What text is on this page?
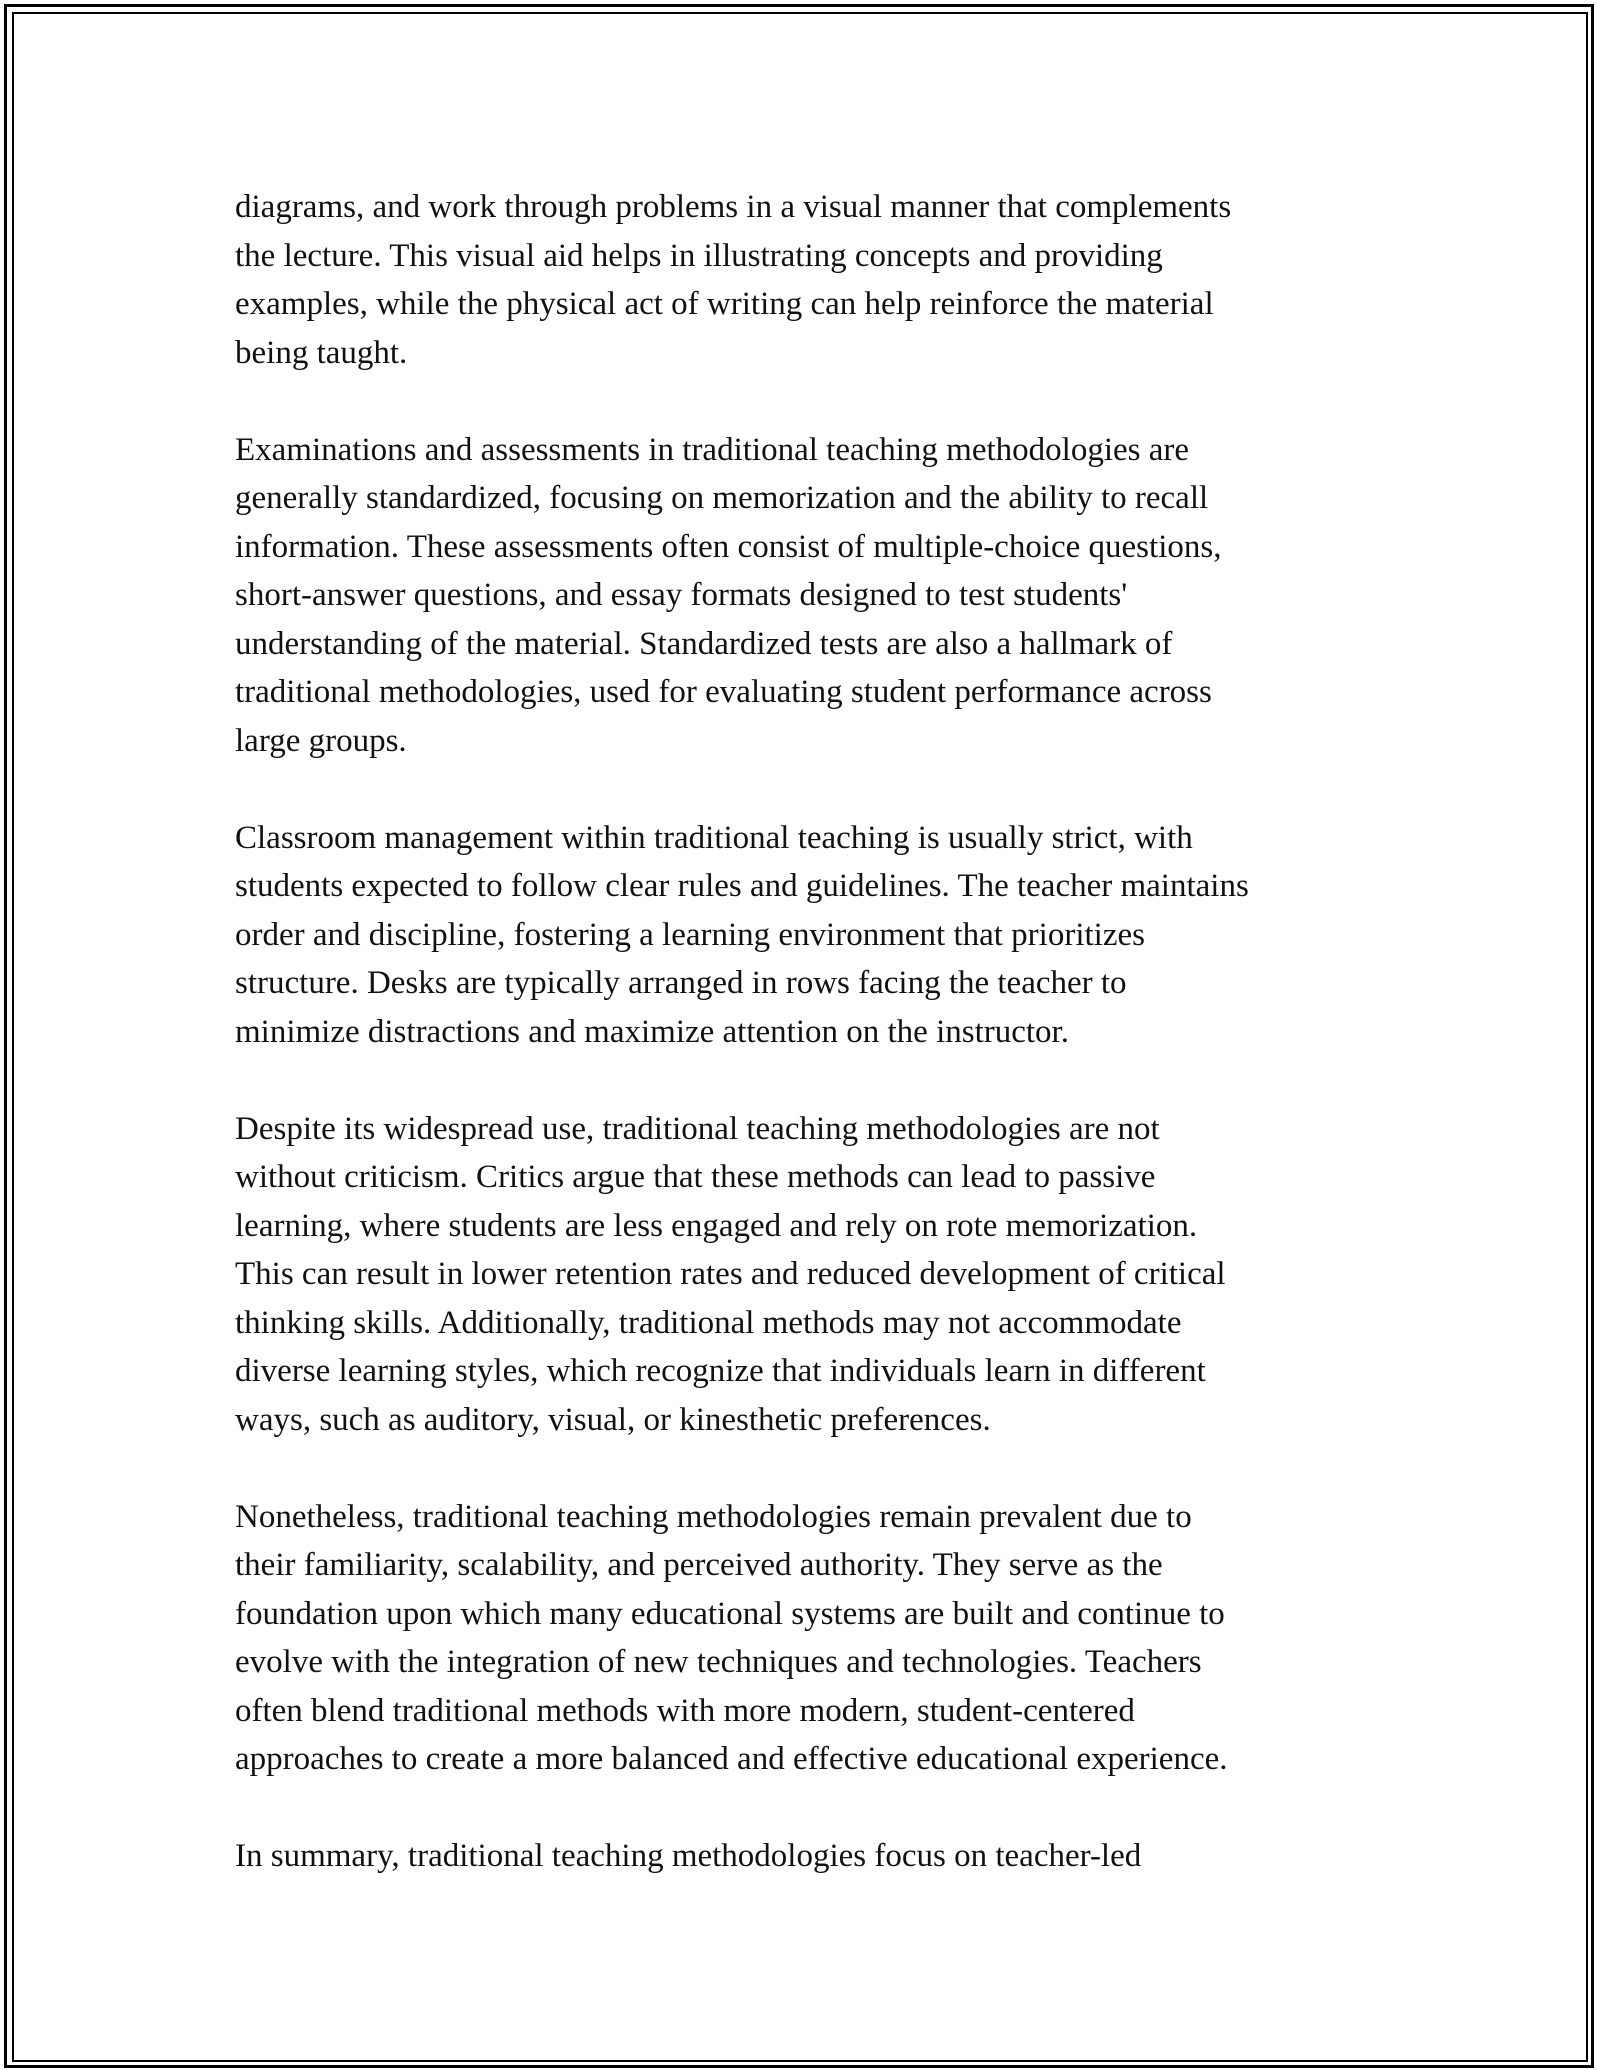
diagrams, and work through problems in a visual manner that complements
the lecture. This visual aid helps in illustrating concepts and providing
examples, while the physical act of writing can help reinforce the material
being taught.

Examinations and assessments in traditional teaching methodologies are
generally standardized, focusing on memorization and the ability to recall
information. These assessments often consist of multiple-choice questions,
short-answer questions, and essay formats designed to test students'
understanding of the material. Standardized tests are also a hallmark of
traditional methodologies, used for evaluating student performance across
large groups.

Classroom management within traditional teaching is usually strict, with
students expected to follow clear rules and guidelines. The teacher maintains
order and discipline, fostering a learning environment that prioritizes
structure. Desks are typically arranged in rows facing the teacher to
minimize distractions and maximize attention on the instructor.

Despite its widespread use, traditional teaching methodologies are not
without criticism. Critics argue that these methods can lead to passive
learning, where students are less engaged and rely on rote memorization.
This can result in lower retention rates and reduced development of critical
thinking skills. Additionally, traditional methods may not accommodate
diverse learning styles, which recognize that individuals learn in different
ways, such as auditory, visual, or kinesthetic preferences.

Nonetheless, traditional teaching methodologies remain prevalent due to
their familiarity, scalability, and perceived authority. They serve as the
foundation upon which many educational systems are built and continue to
evolve with the integration of new techniques and technologies. Teachers
often blend traditional methods with more modern, student-centered
approaches to create a more balanced and effective educational experience.

In summary, traditional teaching methodologies focus on teacher-led
